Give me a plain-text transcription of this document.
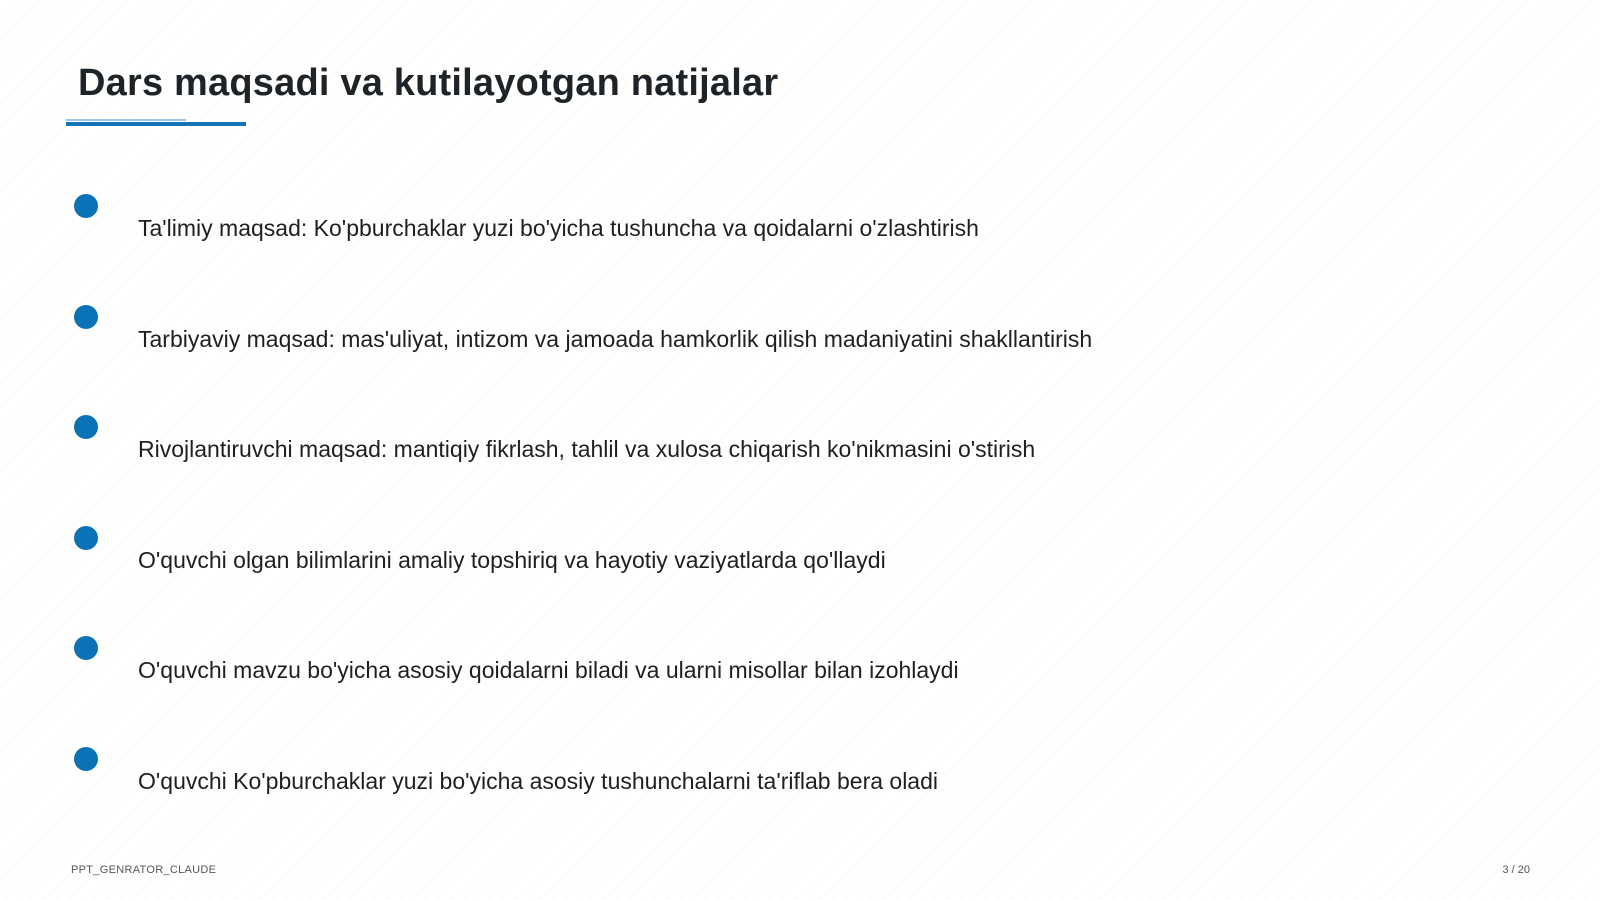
Dars maqsadi va kutilayotgan natijalar
Ta'limiy maqsad: Ko'pburchaklar yuzi bo'yicha tushuncha va qoidalarni o'zlashtirish
Tarbiyaviy maqsad: mas'uliyat, intizom va jamoada hamkorlik qilish madaniyatini shakllantirish
Rivojlantiruvchi maqsad: mantiqiy fikrlash, tahlil va xulosa chiqarish ko'nikmasini o'stirish
O'quvchi olgan bilimlarini amaliy topshiriq va hayotiy vaziyatlarda qo'llaydi
O'quvchi mavzu bo'yicha asosiy qoidalarni biladi va ularni misollar bilan izohlaydi
O'quvchi Ko'pburchaklar yuzi bo'yicha asosiy tushunchalarni ta'riflab bera oladi
PPT_GENRATOR_CLAUDE	3 / 20
